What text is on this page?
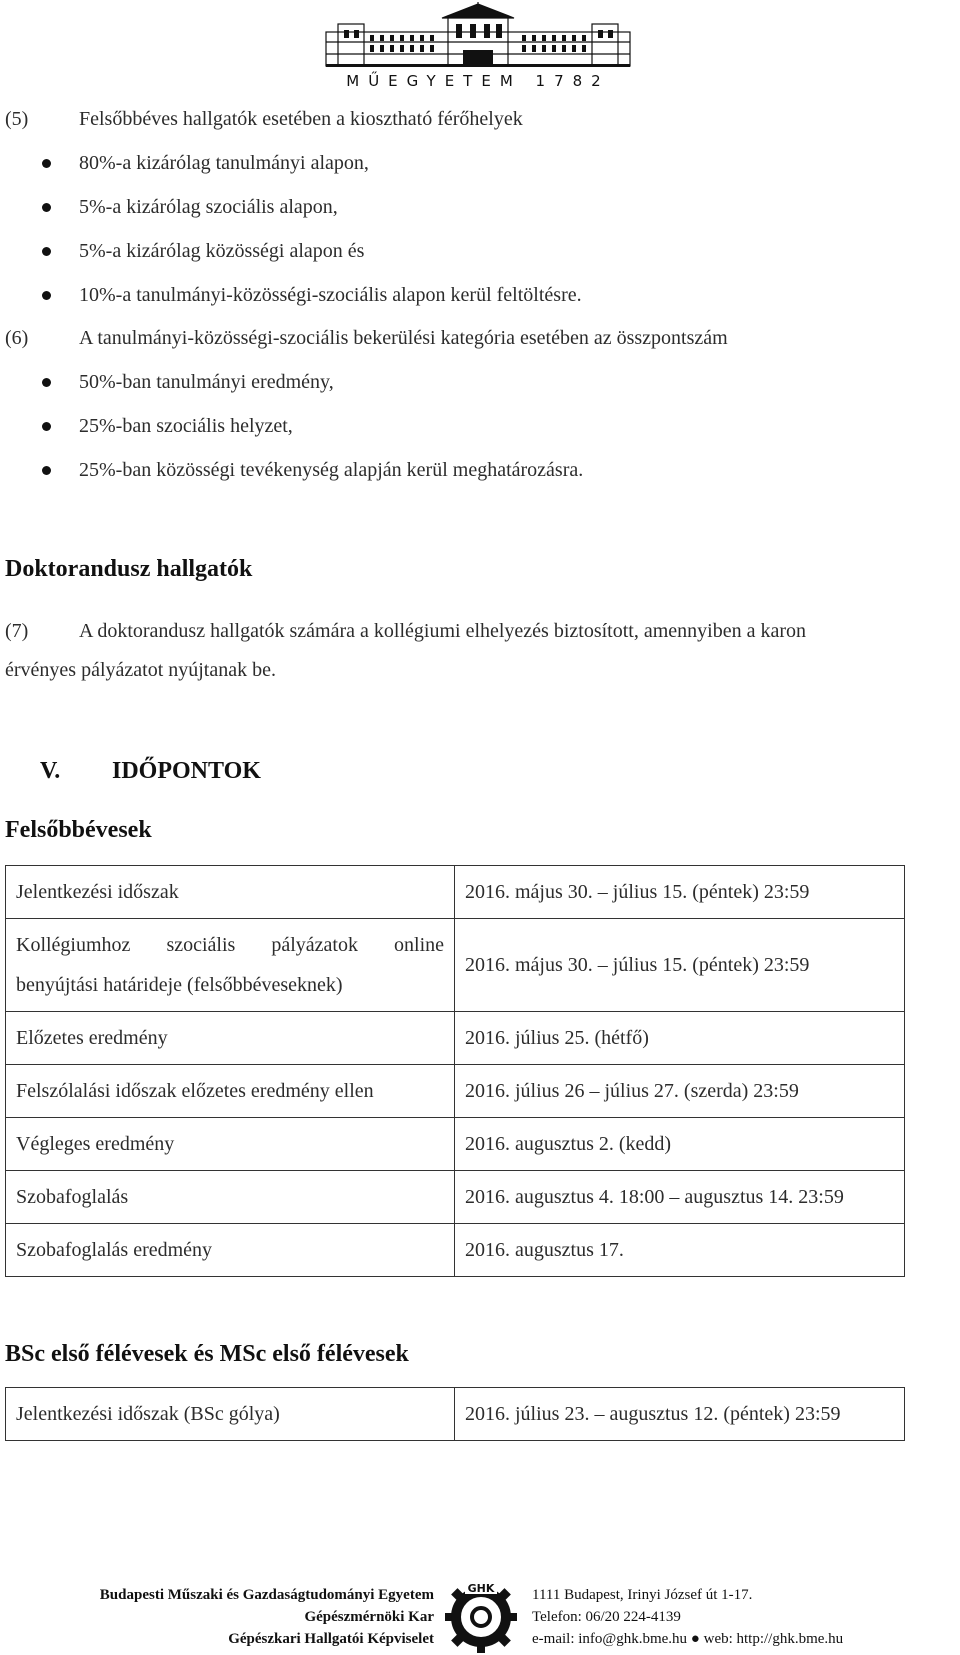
MŰEGYETEM 1782
(5)	Felsőbbéves hallgatók esetében a kiosztható férőhelyek
80%-a kizárólag tanulmányi alapon,
5%-a kizárólag szociális alapon,
5%-a kizárólag közösségi alapon és
10%-a tanulmányi-közösségi-szociális alapon kerül feltöltésre.
(6)	A tanulmányi-közösségi-szociális bekerülési kategória esetében az összpontszám
50%-ban tanulmányi eredmény,
25%-ban szociális helyzet,
25%-ban közösségi tevékenység alapján kerül meghatározásra.
Doktorandusz hallgatók
(7)	A doktorandusz hallgatók számára a kollégiumi elhelyezés biztosított, amennyiben a karon
érvényes pályázatot nyújtanak be.
V. IDŐPONTOK
Felsőbbévesek
Jelentkezési időszak	2016. május 30. – július 15. (péntek) 23:59

Kollégiumhoz szociális pályázatok online
benyújtási határideje (felsőbbéveseknek)	2016. május 30. – július 15. (péntek) 23:59
Előzetes eredmény	2016. július 25. (hétfő)
Felszólalási időszak előzetes eredmény ellen	2016. július 26 – július 27. (szerda) 23:59
Végleges eredmény	2016. augusztus 2. (kedd)
Szobafoglalás	2016. augusztus 4. 18:00 – augusztus 14. 23:59
Szobafoglalás eredmény	2016. augusztus 17.
BSc első félévesek és MSc első félévesek
Jelentkezési időszak (BSc gólya)	2016. július 23. – augusztus 12. (péntek) 23:59
Budapesti Műszaki és Gazdaságtudományi Egyetem
Gépészmérnöki Kar
Gépészkari Hallgatói Képviselet
GHK	1111 Budapest, Irinyi József út 1-17.
Telefon: 06/20 224-4139
e-mail: info@ghk.bme.hu ● web: http://ghk.bme.hu
